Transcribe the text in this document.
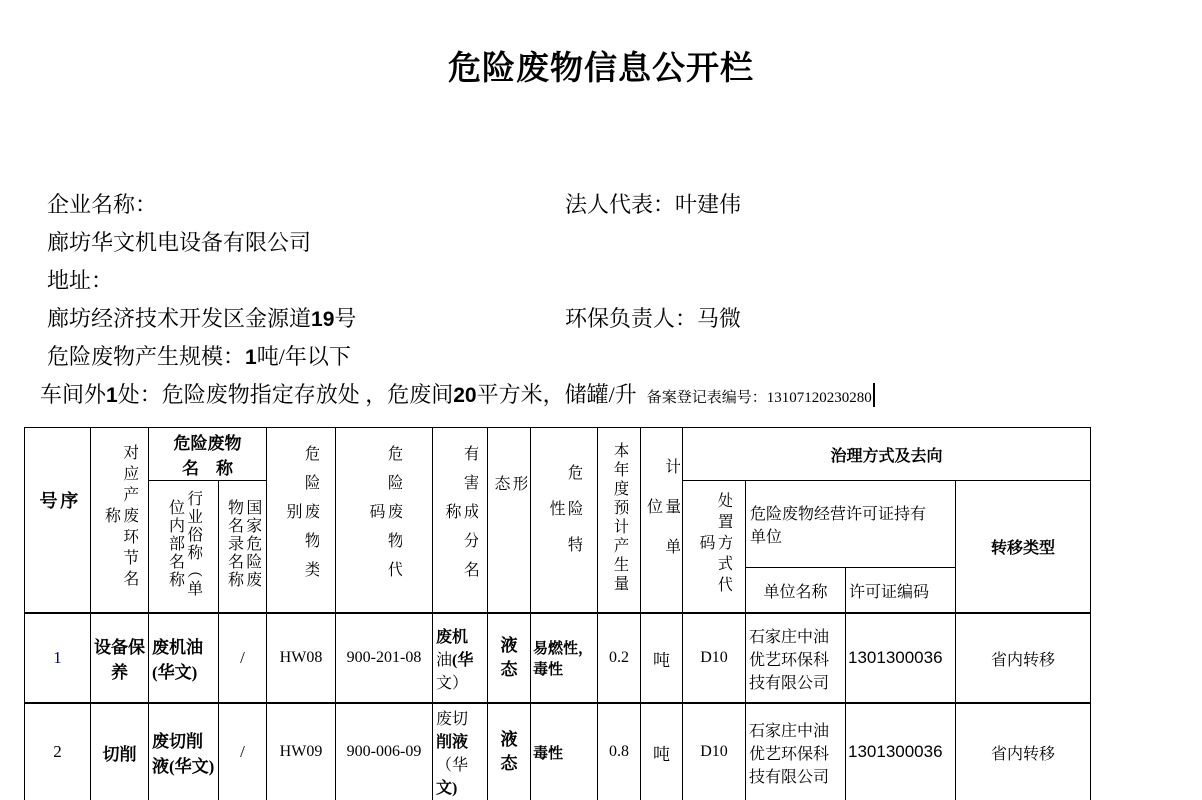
危险废物信息公开栏
企业名称：	法人代表：叶建伟
廊坊华文机电设备有限公司
地址：
廊坊经济技术开发区金源道19号	环保负责人：马微
危险废物产生规模：1吨/年以下
车间外1处：危险废物指定存放处 ，危废间20平方米，储罐/升 备案登记表编号：13107120230280
序号	对应产废环节名称	危险废物
名　称		危险废物类别	危险废物代码	有害成分名称	形态	危险特性	本年度预计产生量	计量单位	治理方式及去向			
		行业俗称（单位内部名称	国家危险废物名录名称								处置方式代码	危险废物经营许可证持有单位		转移类型
												单位名称	许可证编码	
1	设备保养	废机油(华文)	/	HW08	900-201-08	废机油(华文）	液态	易燃性，毒性	0.2	吨	D10	石家庄中油优艺环保科技有限公司	1301300036	省内转移
2	切削	废切削液(华文)	/	HW09	900-006-09	废切削液（华文)	液态	毒性	0.8	吨	D10	石家庄中油优艺环保科技有限公司	1301300036	省内转移
